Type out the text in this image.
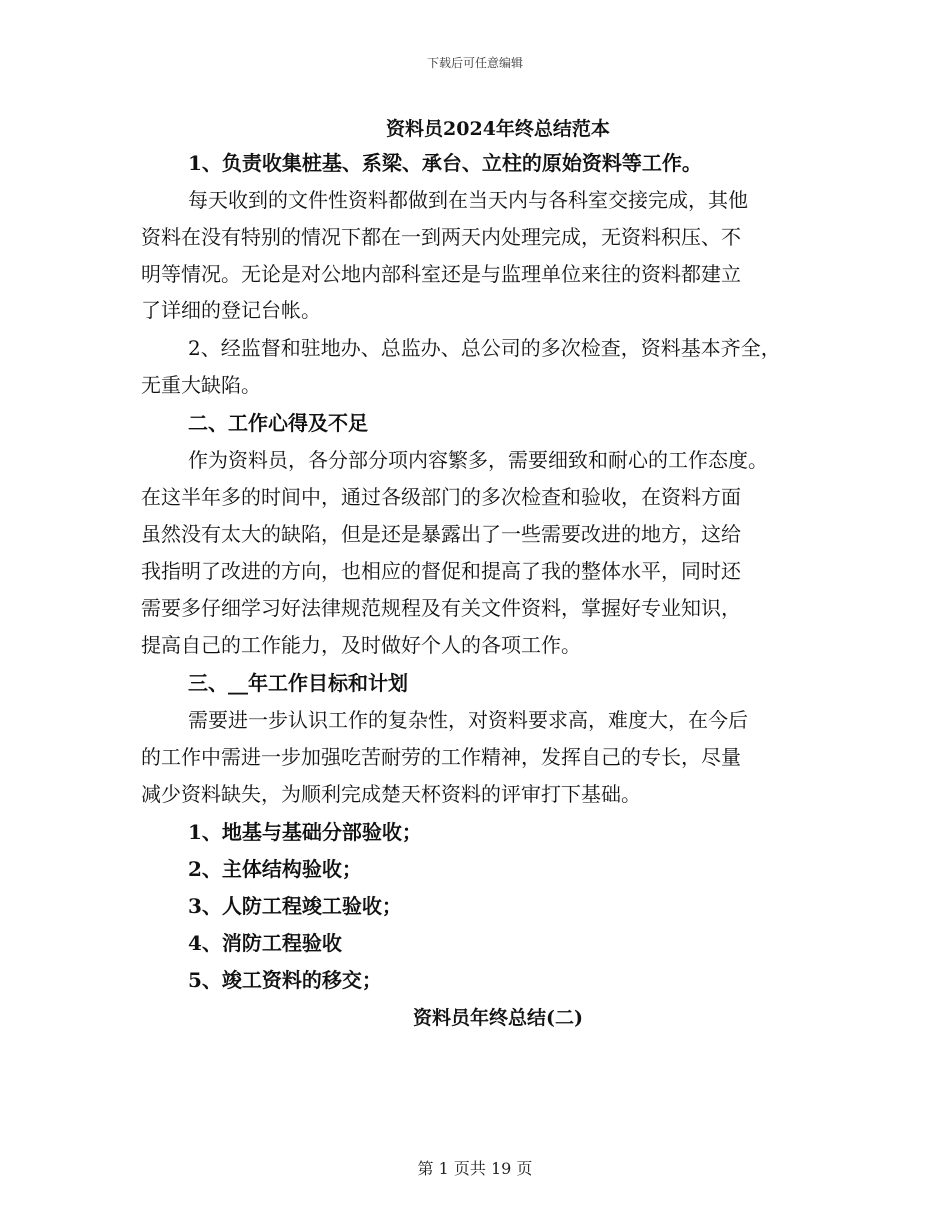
下载后可任意编辑
资料员2024年终总结范本
1、负责收集桩基、系梁、承台、立柱的原始资料等工作。
每天收到的文件性资料都做到在当天内与各科室交接完成，其他
资料在没有特别的情况下都在一到两天内处理完成，无资料积压、不
明等情况。无论是对公地内部科室还是与监理单位来往的资料都建立
了详细的登记台帐。
2、经监督和驻地办、总监办、总公司的多次检查，资料基本齐全，
无重大缺陷。
二、工作心得及不足
作为资料员，各分部分项内容繁多，需要细致和耐心的工作态度。
在这半年多的时间中，通过各级部门的多次检查和验收，在资料方面
虽然没有太大的缺陷，但是还是暴露出了一些需要改进的地方，这给
我指明了改进的方向，也相应的督促和提高了我的整体水平，同时还
需要多仔细学习好法律规范规程及有关文件资料，掌握好专业知识，
提高自己的工作能力，及时做好个人的各项工作。
三、__年工作目标和计划
需要进一步认识工作的复杂性，对资料要求高，难度大，在今后
的工作中需进一步加强吃苦耐劳的工作精神，发挥自己的专长，尽量
减少资料缺失，为顺利完成楚天杯资料的评审打下基础。
1、地基与基础分部验收；
2、主体结构验收；
3、人防工程竣工验收；
4、消防工程验收
5、竣工资料的移交；
资料员年终总结(二)
第 1 页共 19 页
